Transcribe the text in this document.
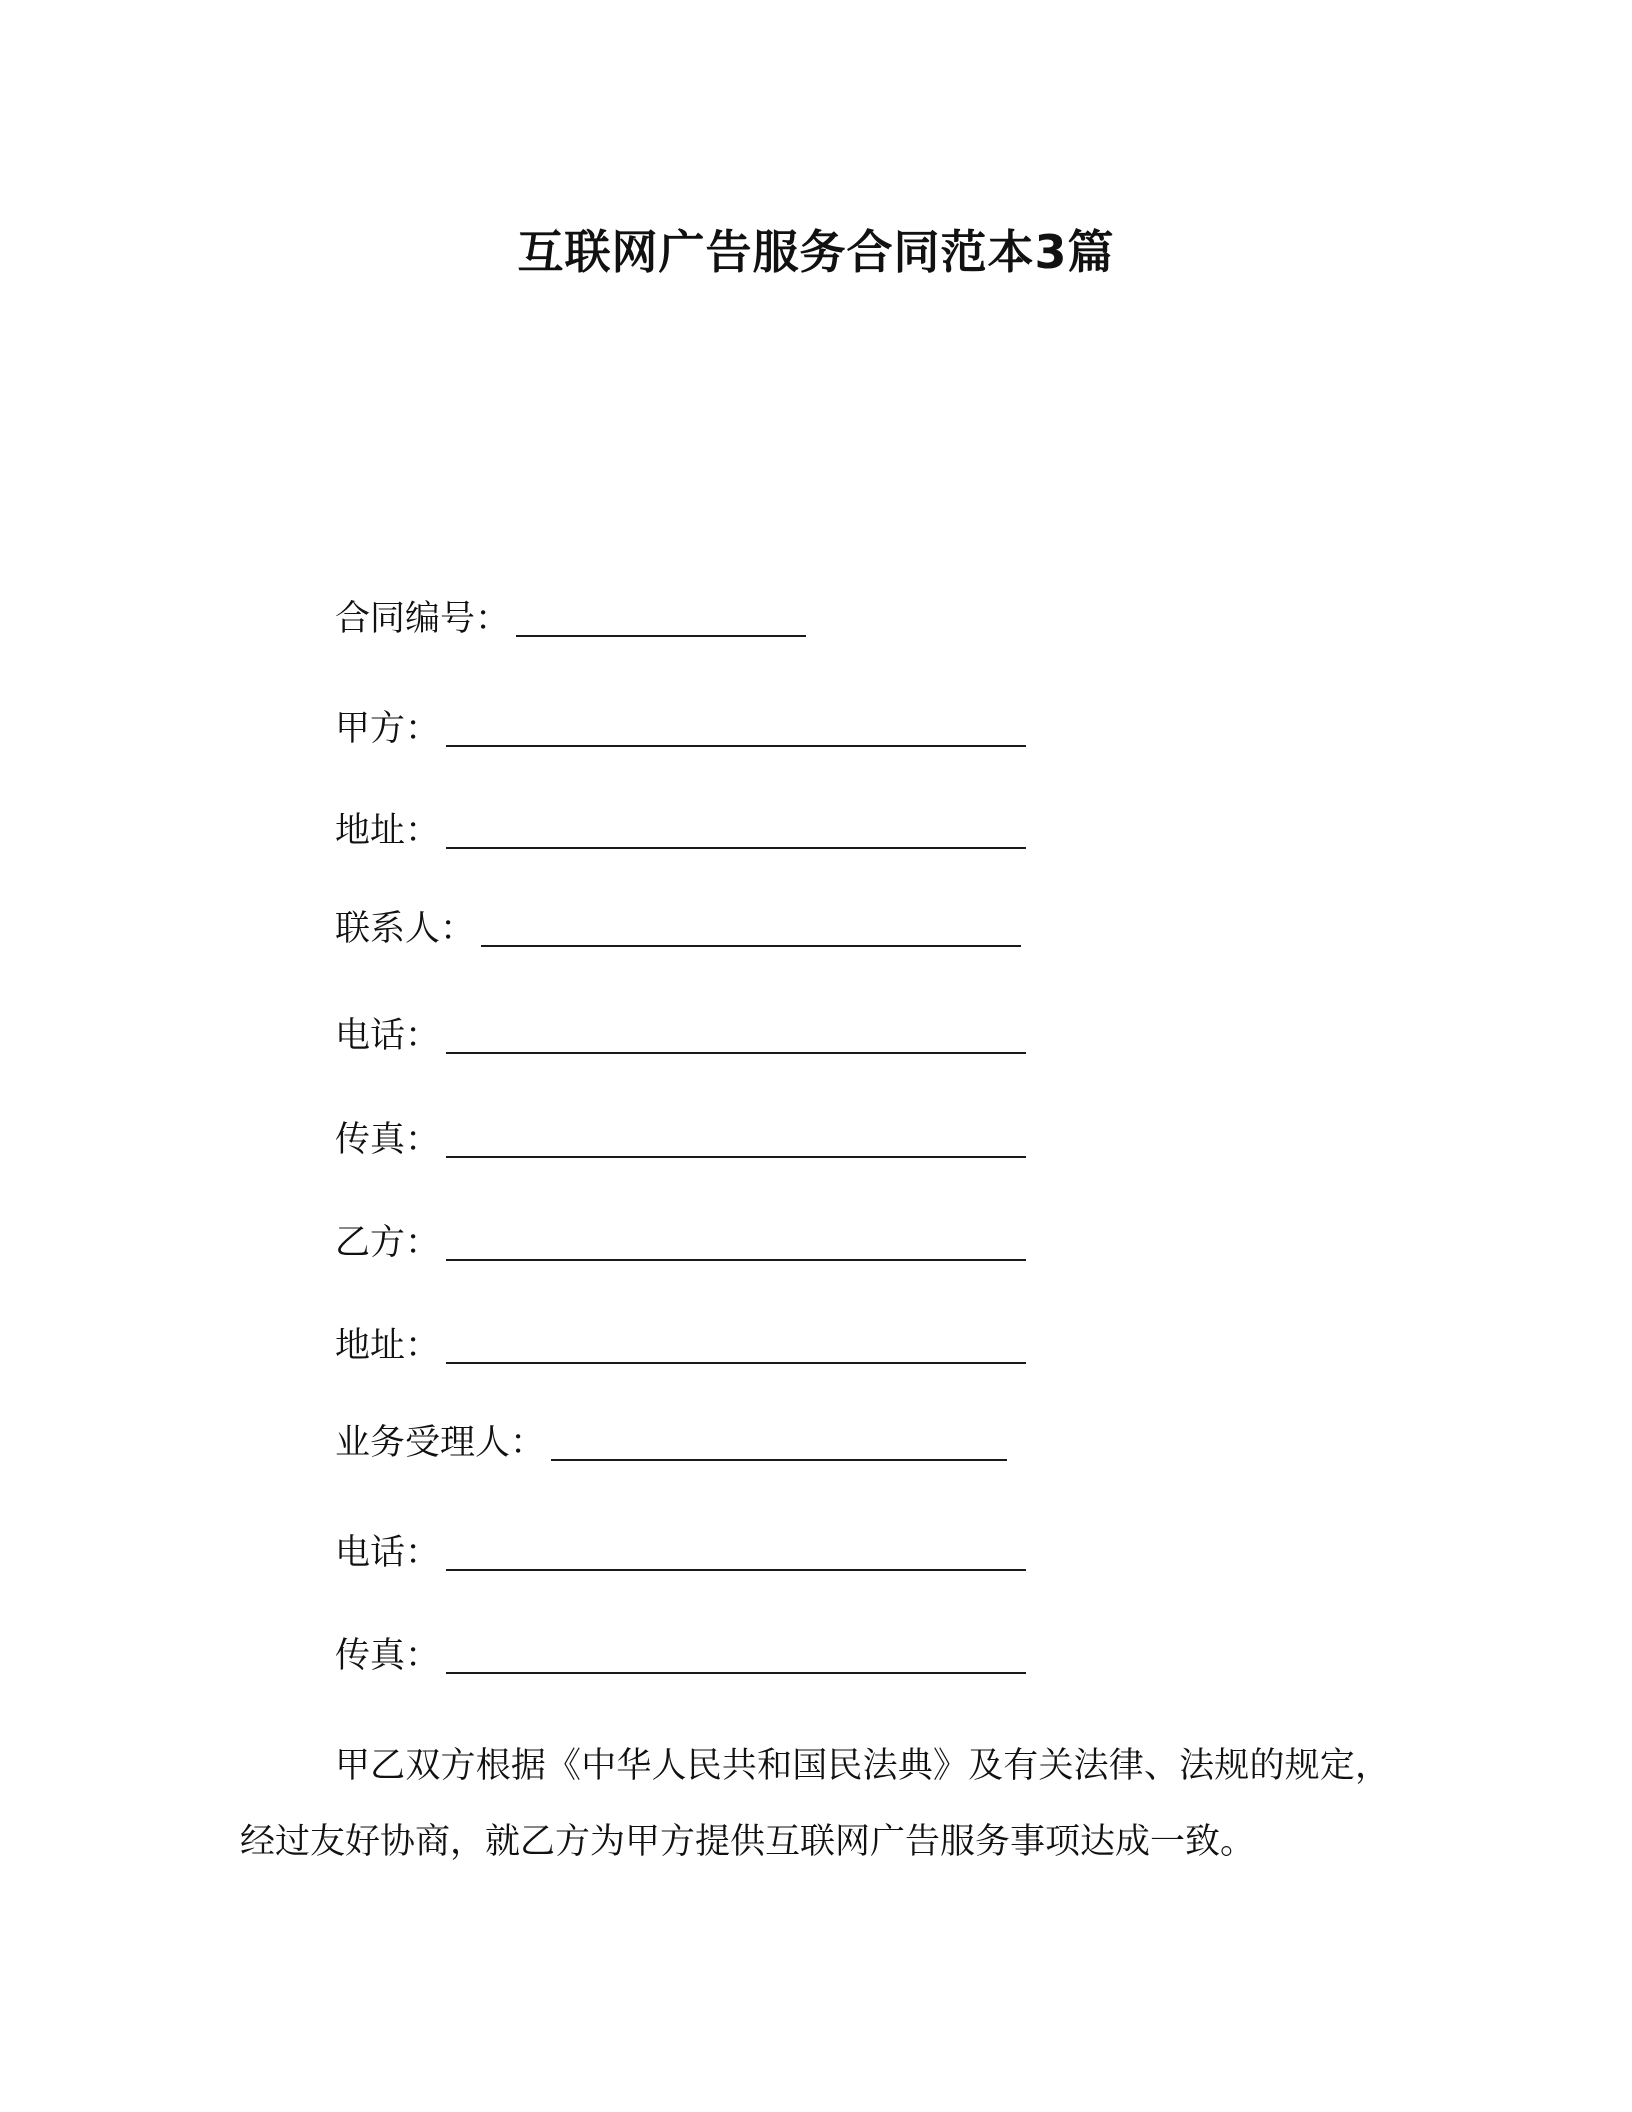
互联网广告服务合同范本3篇
合同编号：
甲方：
地址：
联系人：
电话：
传真：
乙方：
地址：
业务受理人：
电话：
传真：
甲乙双方根据《中华人民共和国民法典》及有关法律、法规的规定，经过友好协商，就乙方为甲方提供互联网广告服务事项达成一致。
